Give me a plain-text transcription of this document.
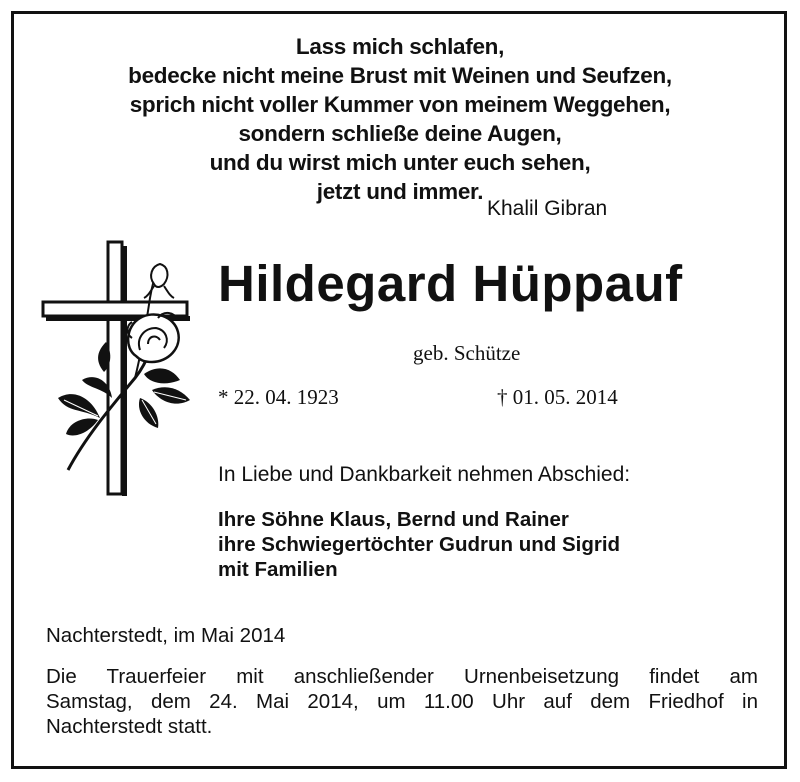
Lass mich schlafen,
bedecke nicht meine Brust mit Weinen und Seufzen,
sprich nicht voller Kummer von meinem Weggehen,
sondern schließe deine Augen,
und du wirst mich unter euch sehen,
jetzt und immer.
Khalil Gibran
Hildegard Hüppauf
geb. Schütze
* 22. 04. 1923	† 01. 05. 2014
In Liebe und Dankbarkeit nehmen Abschied:
Ihre Söhne Klaus, Bernd und Rainer
ihre Schwiegertöchter Gudrun und Sigrid
mit Familien
Nachterstedt, im Mai 2014
Die Trauerfeier mit anschließender Urnenbeisetzung findet am
Samstag, dem 24. Mai 2014, um 11.00 Uhr auf dem Friedhof in
Nachterstedt statt.
